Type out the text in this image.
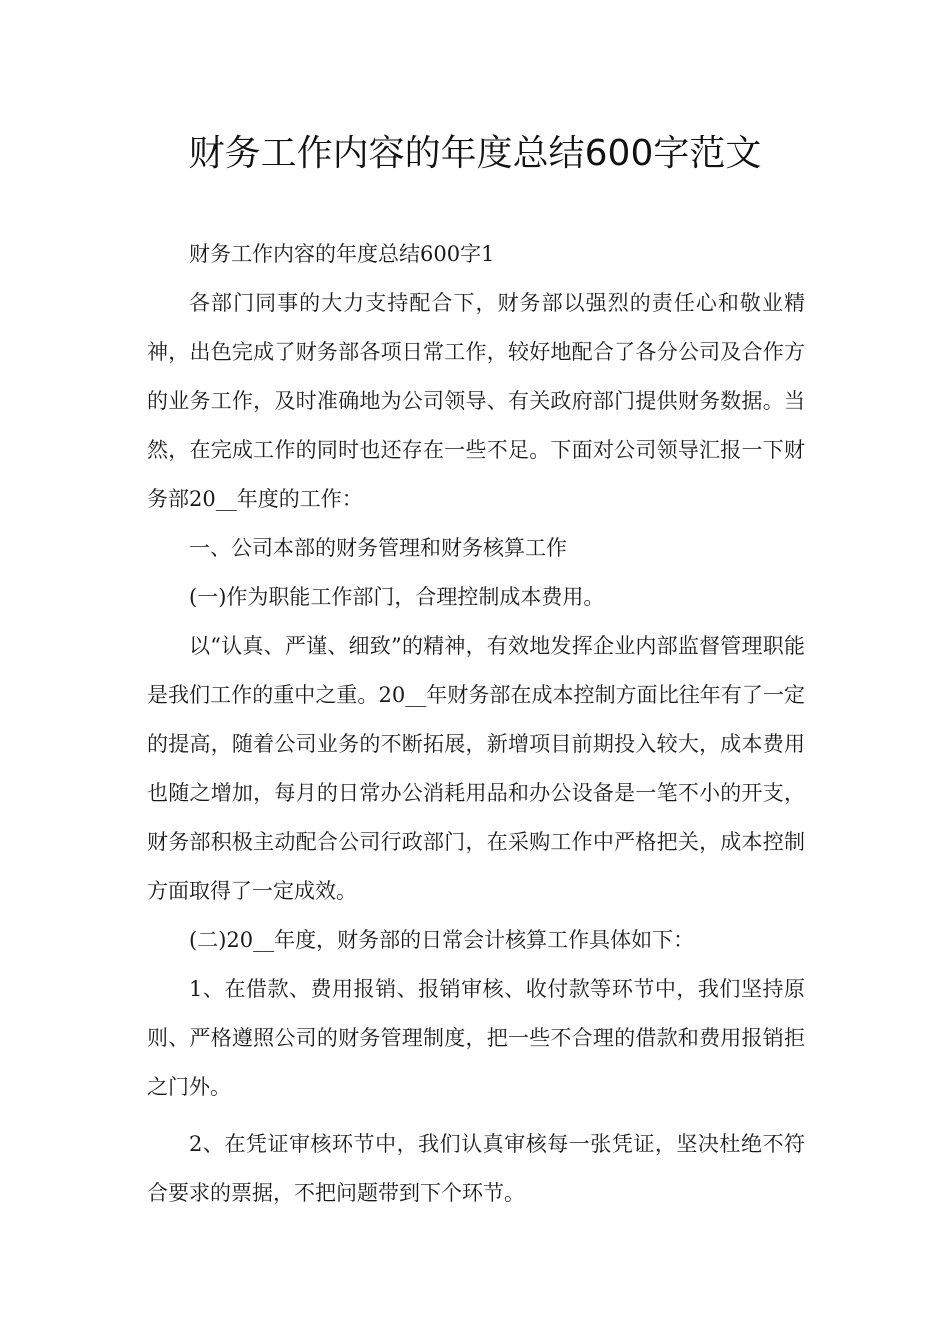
财务工作内容的年度总结600字范文

财务工作内容的年度总结600字1

各部门同事的大力支持配合下，财务部以强烈的责任心和敬业精神，出色完成了财务部各项日常工作，较好地配合了各分公司及合作方的业务工作，及时准确地为公司领导、有关政府部门提供财务数据。当然，在完成工作的同时也还存在一些不足。下面对公司领导汇报一下财务部20__年度的工作：

一、公司本部的财务管理和财务核算工作

(一)作为职能工作部门，合理控制成本费用。

以“认真、严谨、细致”的精神，有效地发挥企业内部监督管理职能是我们工作的重中之重。20__年财务部在成本控制方面比往年有了一定的提高，随着公司业务的不断拓展，新增项目前期投入较大，成本费用也随之增加，每月的日常办公消耗用品和办公设备是一笔不小的开支，财务部积极主动配合公司行政部门，在采购工作中严格把关，成本控制方面取得了一定成效。

(二)20__年度，财务部的日常会计核算工作具体如下：

1、在借款、费用报销、报销审核、收付款等环节中，我们坚持原则、严格遵照公司的财务管理制度，把一些不合理的借款和费用报销拒之门外。

2、在凭证审核环节中，我们认真审核每一张凭证，坚决杜绝不符合要求的票据，不把问题带到下个环节。
